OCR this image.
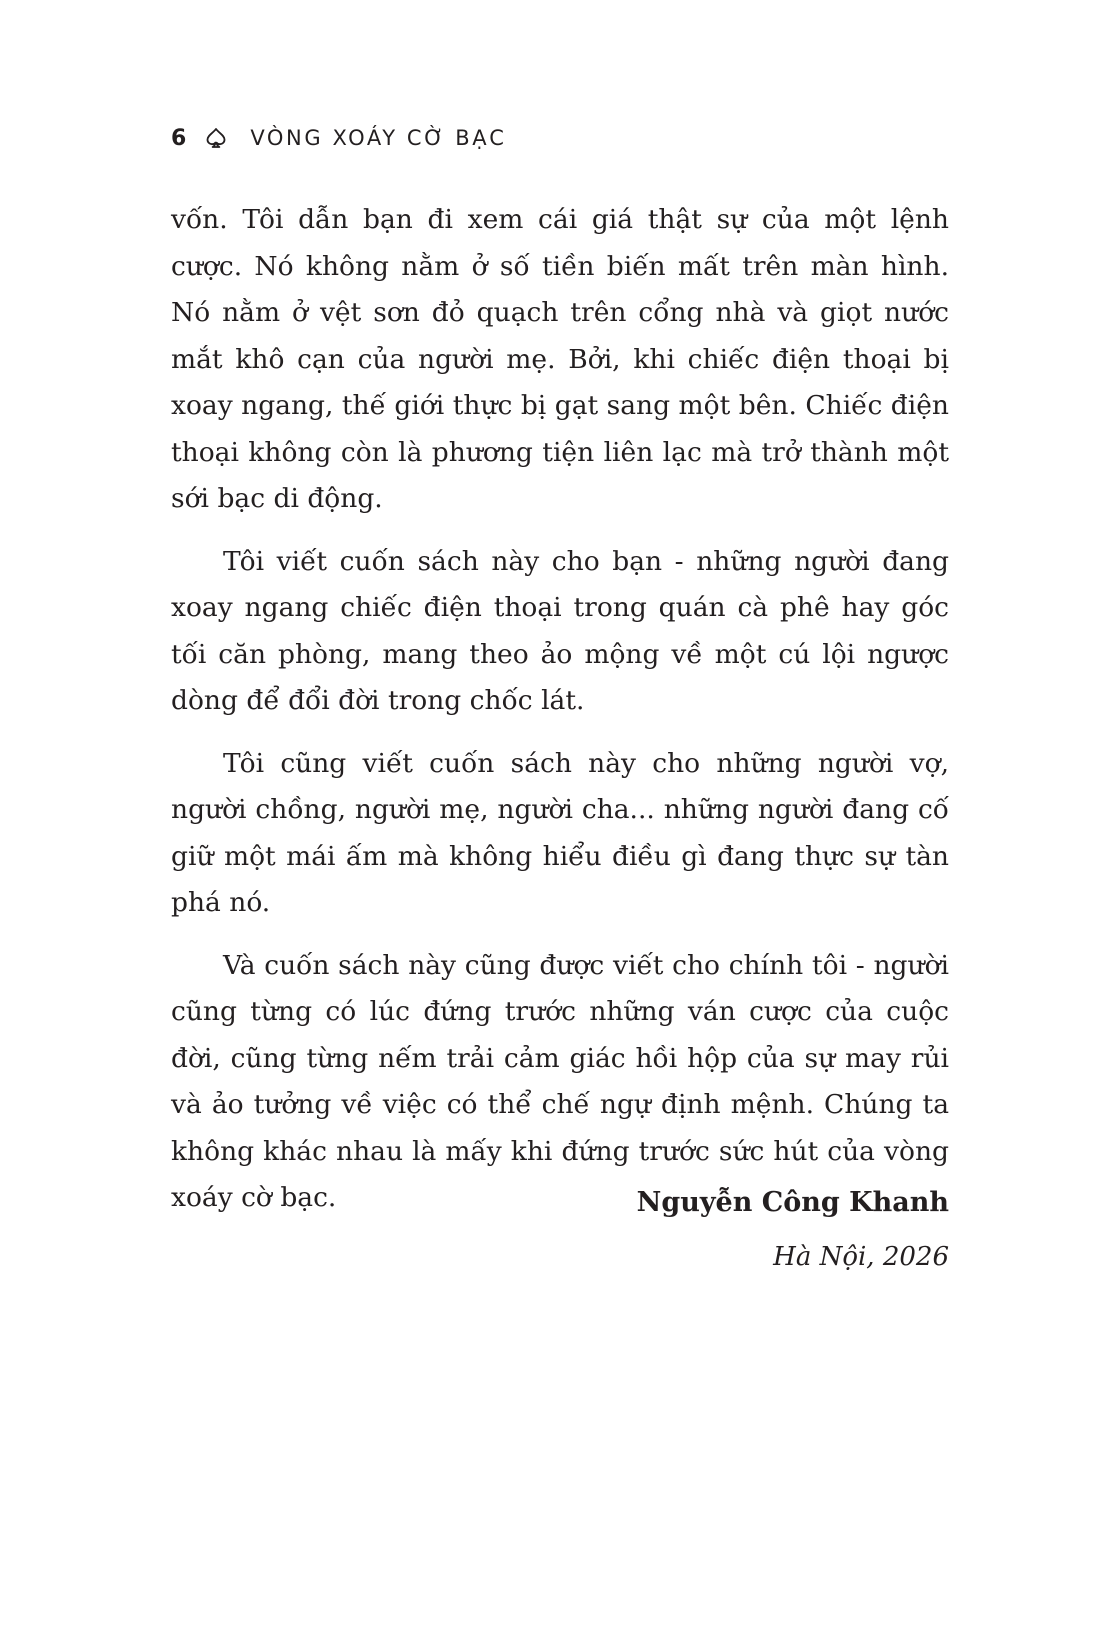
6	VÒNG XOÁY CỜ BẠC

vốn. Tôi dẫn bạn đi xem cái giá thật sự của một lệnh cược. Nó không nằm ở số tiền biến mất trên màn hình. Nó nằm ở vệt sơn đỏ quạch trên cổng nhà và giọt nước mắt khô cạn của người mẹ. Bởi, khi chiếc điện thoại bị xoay ngang, thế giới thực bị gạt sang một bên. Chiếc điện thoại không còn là phương tiện liên lạc mà trở thành một sới bạc di động.

Tôi viết cuốn sách này cho bạn - những người đang xoay ngang chiếc điện thoại trong quán cà phê hay góc tối căn phòng, mang theo ảo mộng về một cú lội ngược dòng để đổi đời trong chốc lát.

Tôi cũng viết cuốn sách này cho những người vợ, người chồng, người mẹ, người cha... những người đang cố giữ một mái ấm mà không hiểu điều gì đang thực sự tàn phá nó.

Và cuốn sách này cũng được viết cho chính tôi - người cũng từng có lúc đứng trước những ván cược của cuộc đời, cũng từng nếm trải cảm giác hồi hộp của sự may rủi và ảo tưởng về việc có thể chế ngự định mệnh. Chúng ta không khác nhau là mấy khi đứng trước sức hút của vòng xoáy cờ bạc.	Nguyễn Công Khanh
Hà Nội, 2026
